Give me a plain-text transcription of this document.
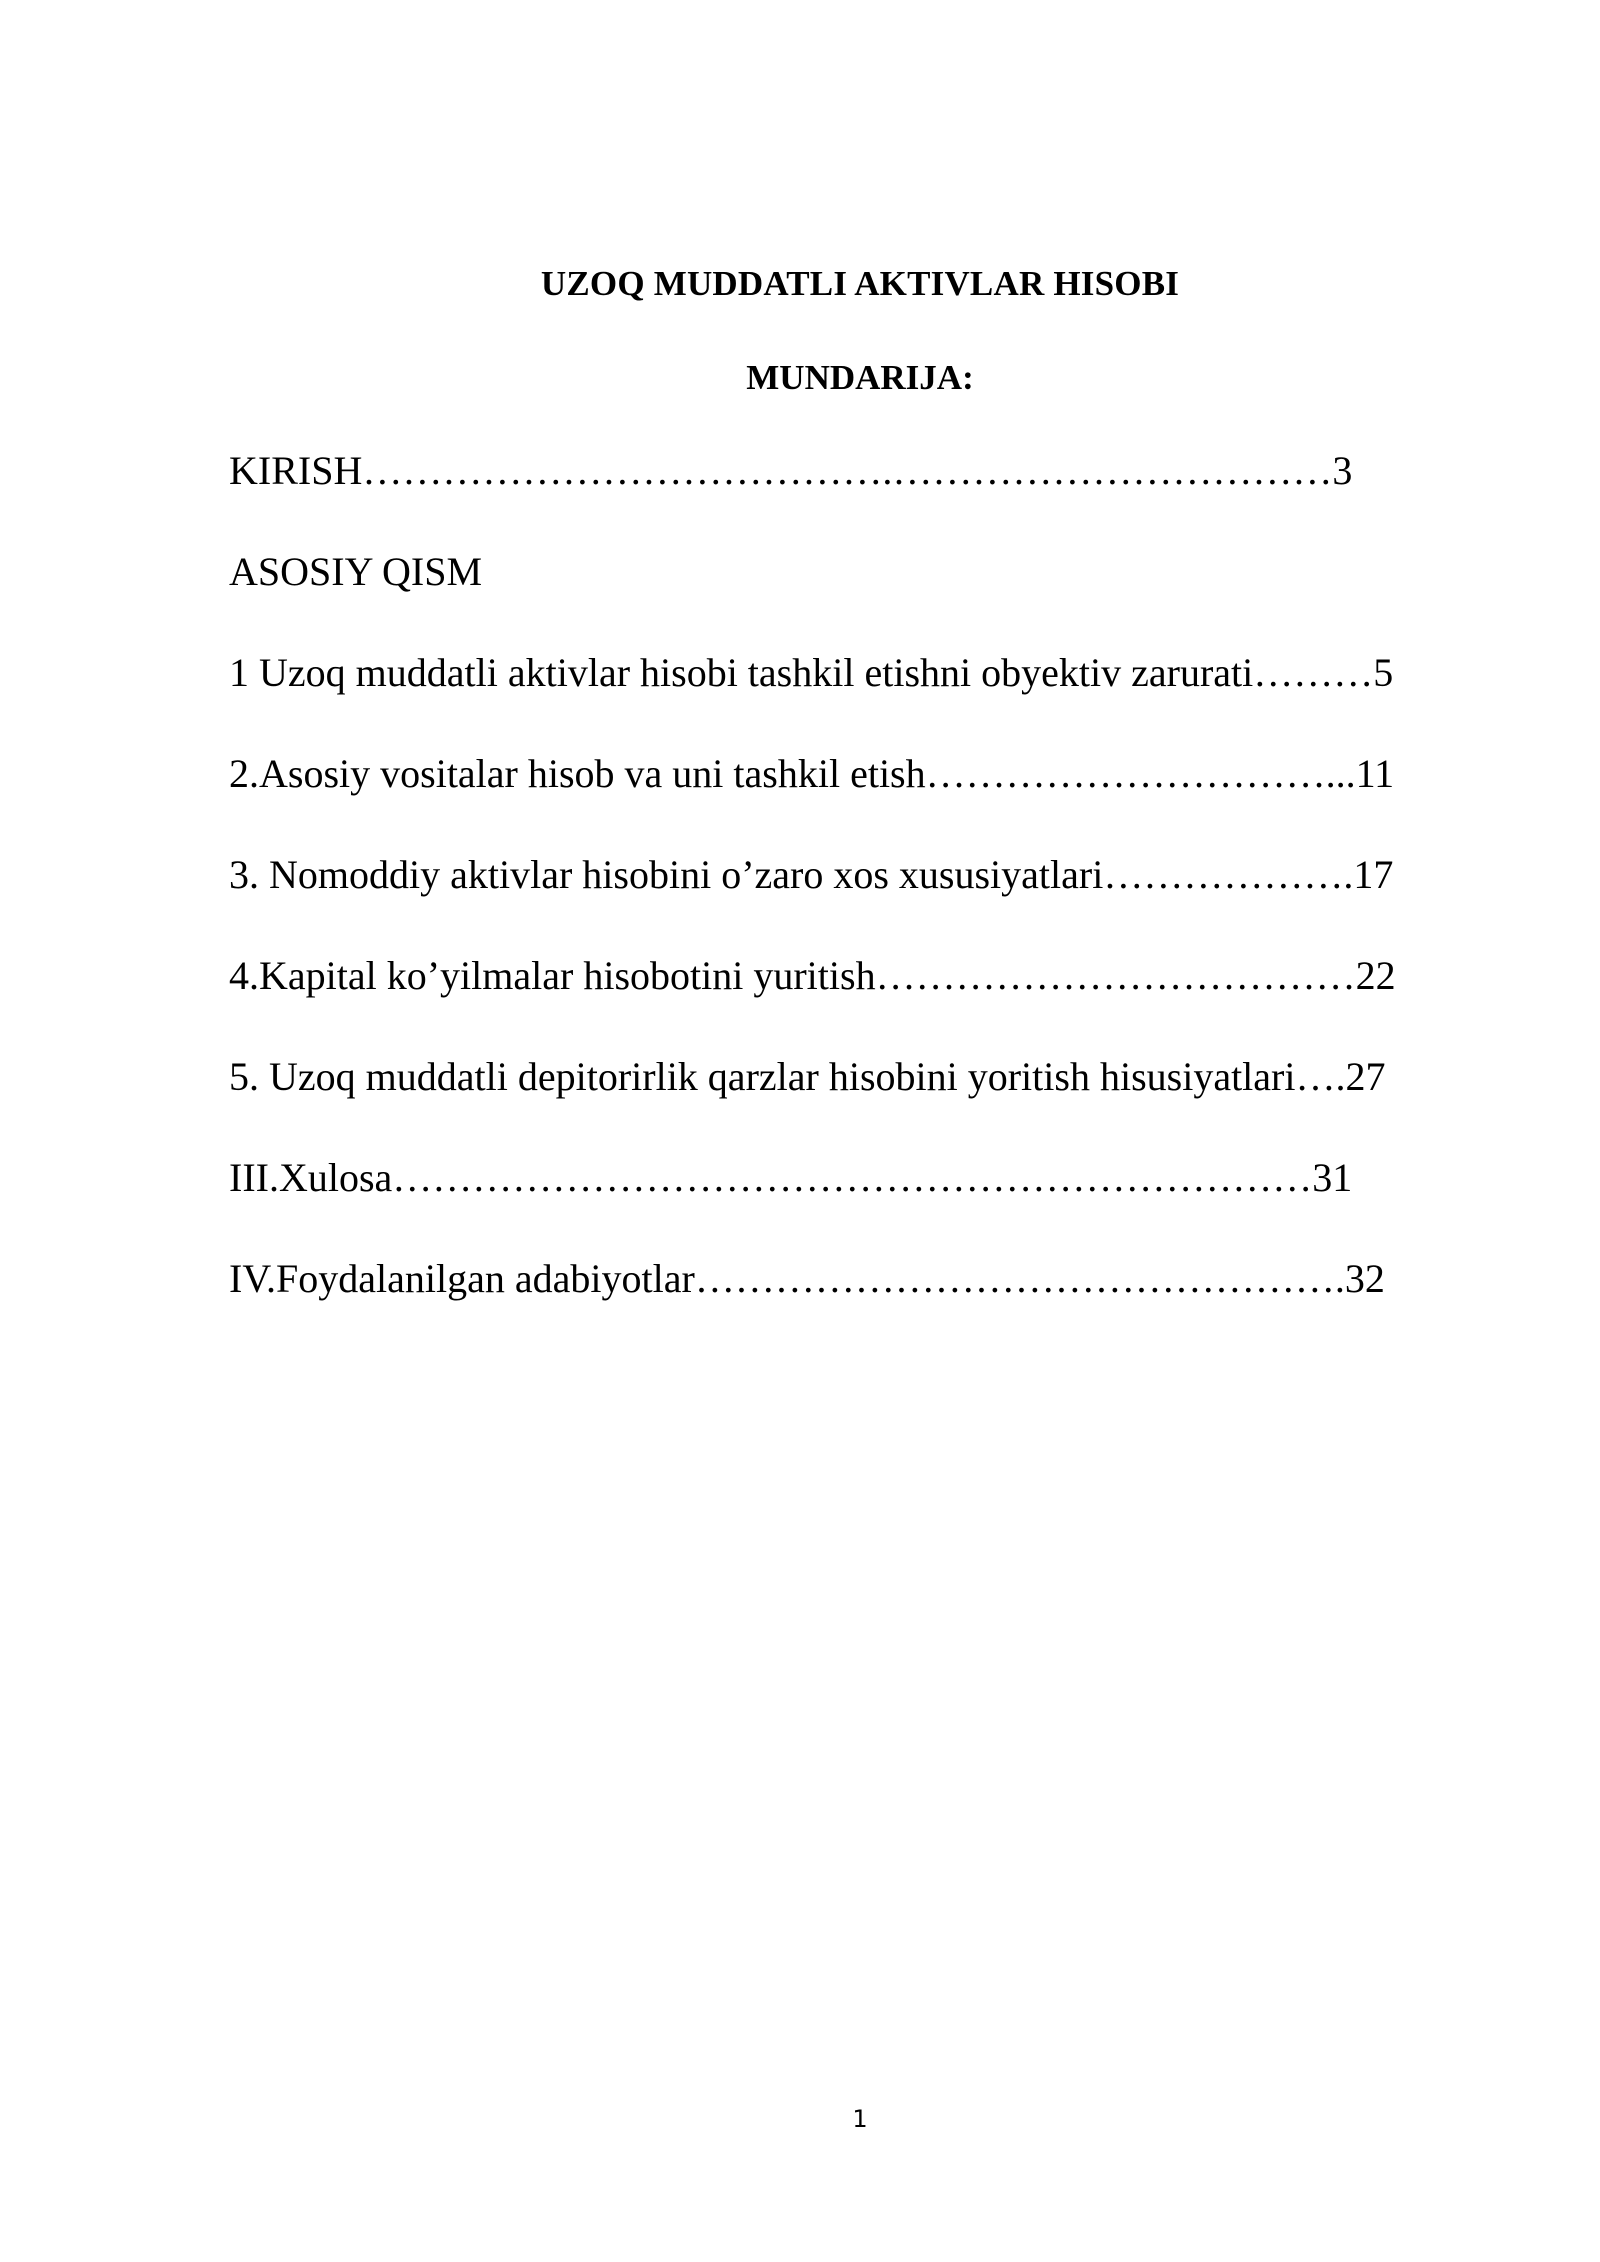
UZOQ MUDDATLI AKTIVLAR HISOBI
MUNDARIJA:
KIRISH………………………………….……………………………3
ASOSIY QISM
1 Uzoq muddatli aktivlar hisobi tashkil etishni obyektiv zarurati………5
2.Asosiy vositalar hisob va uni tashkil etish…………………………...11
3. Nomoddiy aktivlar hisobini o’zaro xos xususiyatlari……………….17
4.Kapital ko’yilmalar hisobotini yuritish………………………………22
5. Uzoq muddatli depitorirlik qarzlar hisobini yoritish hisusiyatlari….27
III.Xulosa……………………………………………………………31
IV.Foydalanilgan adabiyotlar………………………………………….32
1
